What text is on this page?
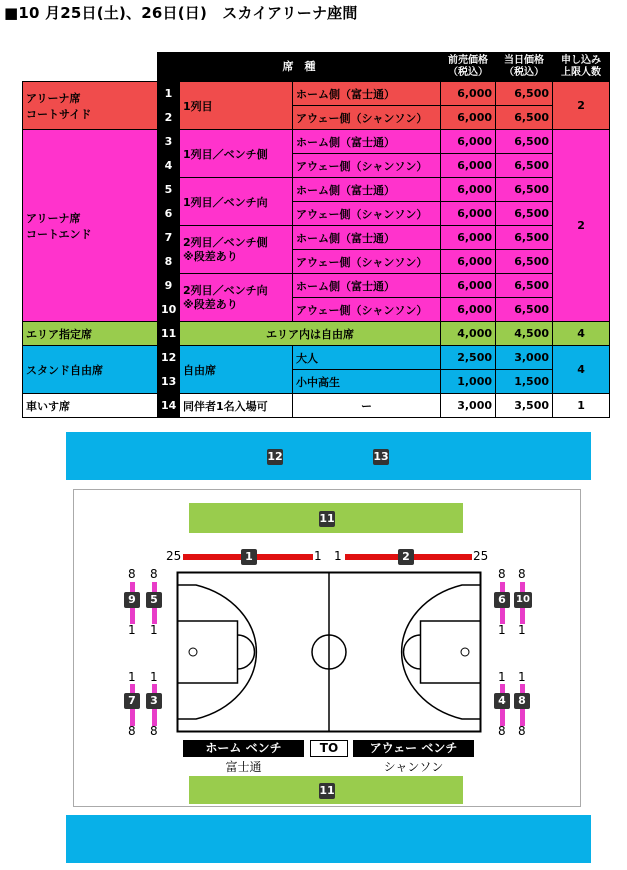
■10 月25日(土)、26日(日)　スカイアリーナ座間
	席　種			前売価格
（税込）	当日価格
（税込）	申し込み
上限人数
アリーナ席
コートサイド	1	1列目	ホーム側（富士通）	6,000	6,500	2
	2		アウェー側（シャンソン）	6,000	6,500	
アリーナ席
コートエンド	3	1列目／ベンチ側	ホーム側（富士通）	6,000	6,500	2
	4		アウェー側（シャンソン）	6,000	6,500	
	5	1列目／ベンチ向	ホーム側（富士通）	6,000	6,500	
	6		アウェー側（シャンソン）	6,000	6,500	
	7	2列目／ベンチ側
※段差あり	ホーム側（富士通）	6,000	6,500	
	8		アウェー側（シャンソン）	6,000	6,500	
	9	2列目／ベンチ向
※段差あり	ホーム側（富士通）	6,000	6,500	
	10		アウェー側（シャンソン）	6,000	6,500	
エリア指定席	11	エリア内は自由席		4,000	4,500	4
スタンド自由席	12	自由席	大人	2,500	3,000	4
	13		小中高生	1,000	1,500	
車いす席	14	同伴者1名入場可	ー	3,000	3,500	1
12	13
11
25	1	1 1	2	25
8 8
9	5
1 1
1 1
7	3
8 8
8 8
6	10
1 1
1 1
4	8
8 8
ホーム ベンチ
富士通
TO	アウェー ベンチ
シャンソン
11
